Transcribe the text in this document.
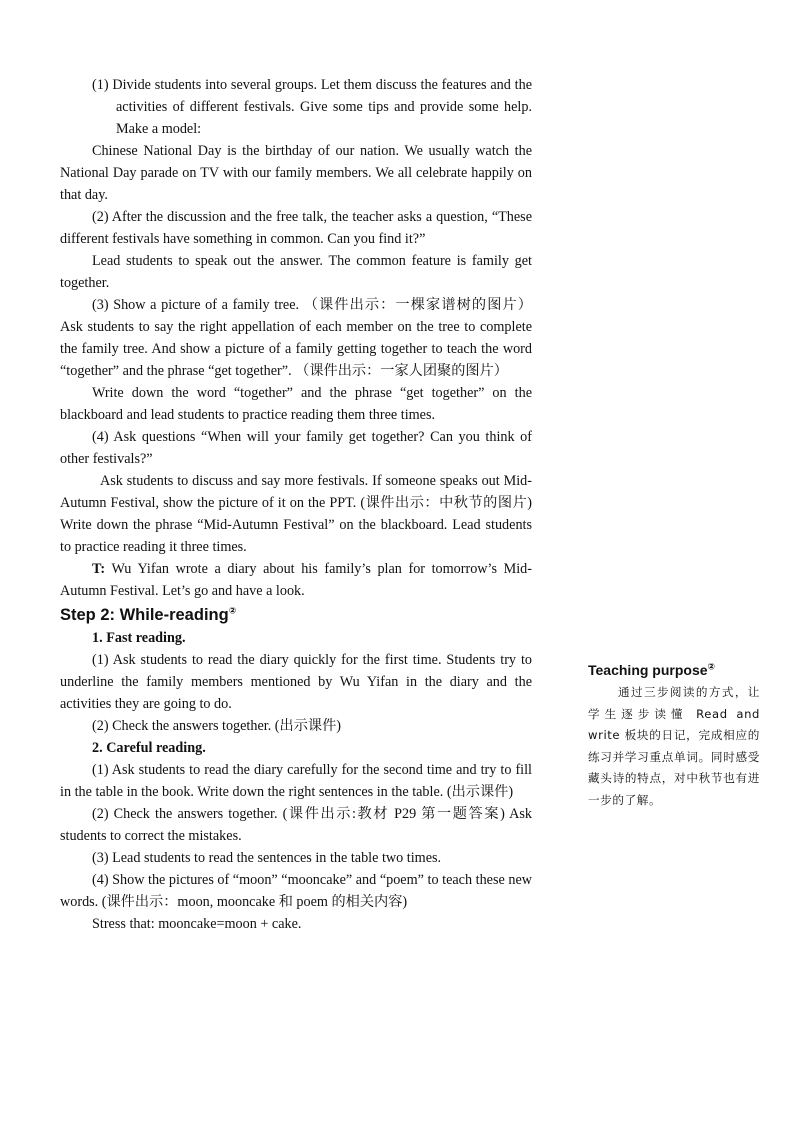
(1) Divide students into several groups. Let them discuss the features and the activities of different festivals. Give some tips and provide some help. Make a model:

Chinese National Day is the birthday of our nation. We usually watch the National Day parade on TV with our family members. We all celebrate happily on that day.

(2) After the discussion and the free talk, the teacher asks a question, “These different festivals have something in common. Can you find it?”

Lead students to speak out the answer. The common feature is family get together.

(3) Show a picture of a family tree. （课件出示：一棵家谱树的图片） Ask students to say the right appellation of each member on the tree to complete the family tree. And show a picture of a family getting together to teach the word “together” and the phrase “get together”. （课件出示：一家人团聚的图片）

Write down the word “together” and the phrase “get together” on the blackboard and lead students to practice reading them three times.

(4) Ask questions “When will your family get together? Can you think of other festivals?”

Ask students to discuss and say more festivals. If someone speaks out Mid-Autumn Festival, show the picture of it on the PPT. (课件出示：中秋节的图片) Write down the phrase “Mid-Autumn Festival” on the blackboard. Lead students to practice reading it three times.

T: Wu Yifan wrote a diary about his family’s plan for tomorrow’s Mid-Autumn Festival. Let’s go and have a look.

Step 2: While-reading②

1. Fast reading.

(1) Ask students to read the diary quickly for the first time. Students try to underline the family members mentioned by Wu Yifan in the diary and the activities they are going to do.

(2) Check the answers together. (出示课件)

2. Careful reading.

(1) Ask students to read the diary carefully for the second time and try to fill in the table in the book. Write down the right sentences in the table. (出示课件)

(2) Check the answers together. (课件出示:教材 P29 第一题答案) Ask students to correct the mistakes.

(3) Lead students to read the sentences in the table two times.

(4) Show the pictures of “moon” “mooncake” and “poem” to teach these new words. (课件出示：moon, mooncake 和 poem 的相关内容)

Stress that: mooncake=moon + cake.

Teaching purpose②

通过三步阅读的方式，让学生逐步读懂 Read and write 板块的日记，完成相应的练习并学习重点单词。同时感受藏头诗的特点，对中秋节也有进一步的了解。
